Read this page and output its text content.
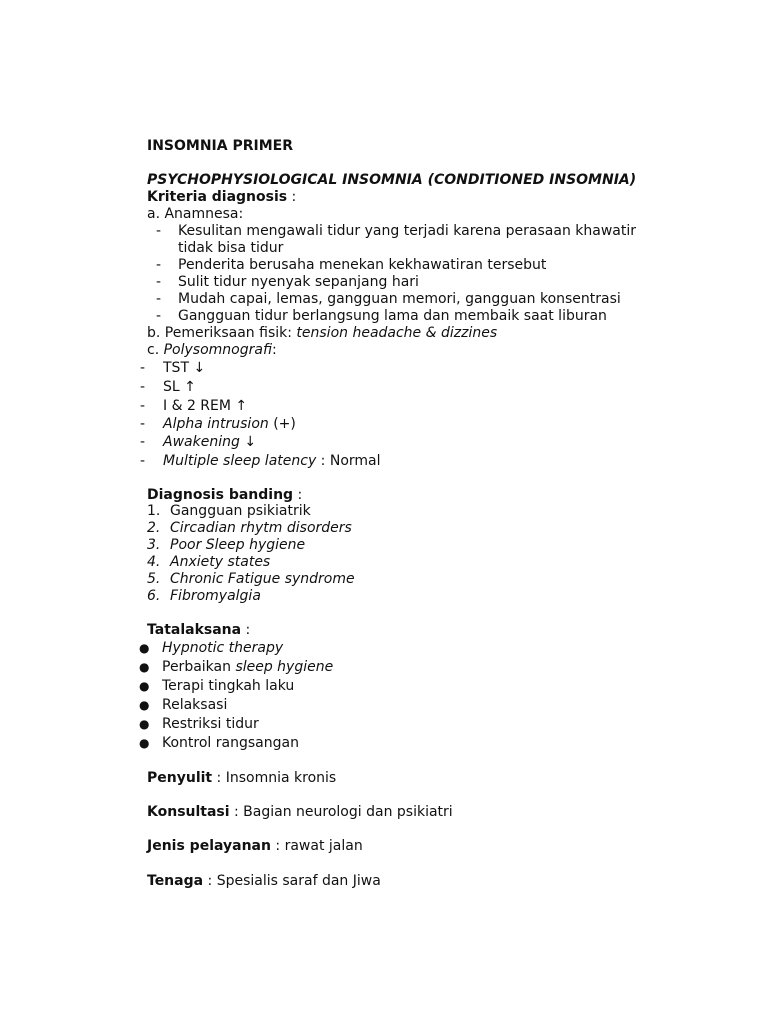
INSOMNIA PRIMER
PSYCHOPHYSIOLOGICAL INSOMNIA (CONDITIONED INSOMNIA)
Kriteria diagnosis :
a. Anamnesa:
- Kesulitan mengawali tidur yang terjadi karena perasaan khawatir
tidak bisa tidur
- Penderita berusaha menekan kekhawatiran tersebut
- Sulit tidur nyenyak sepanjang hari
- Mudah capai, lemas, gangguan memori, gangguan konsentrasi
- Gangguan tidur berlangsung lama dan membaik saat liburan
b. Pemeriksaan fisik: tension headache & dizzines
c. Polysomnografi:
- TST ↓
- SL ↑
- I & 2 REM ↑
- Alpha intrusion (+)
- Awakening ↓
- Multiple sleep latency : Normal
Diagnosis banding :
1. Gangguan psikiatrik
2. Circadian rhytm disorders
3. Poor Sleep hygiene
4. Anxiety states
5. Chronic Fatigue syndrome
6. Fibromyalgia
Tatalaksana :
● Hypnotic therapy
● Perbaikan sleep hygiene
● Terapi tingkah laku
● Relaksasi
● Restriksi tidur
● Kontrol rangsangan
Penyulit : Insomnia kronis
Konsultasi : Bagian neurologi dan psikiatri
Jenis pelayanan : rawat jalan
Tenaga : Spesialis saraf dan Jiwa
